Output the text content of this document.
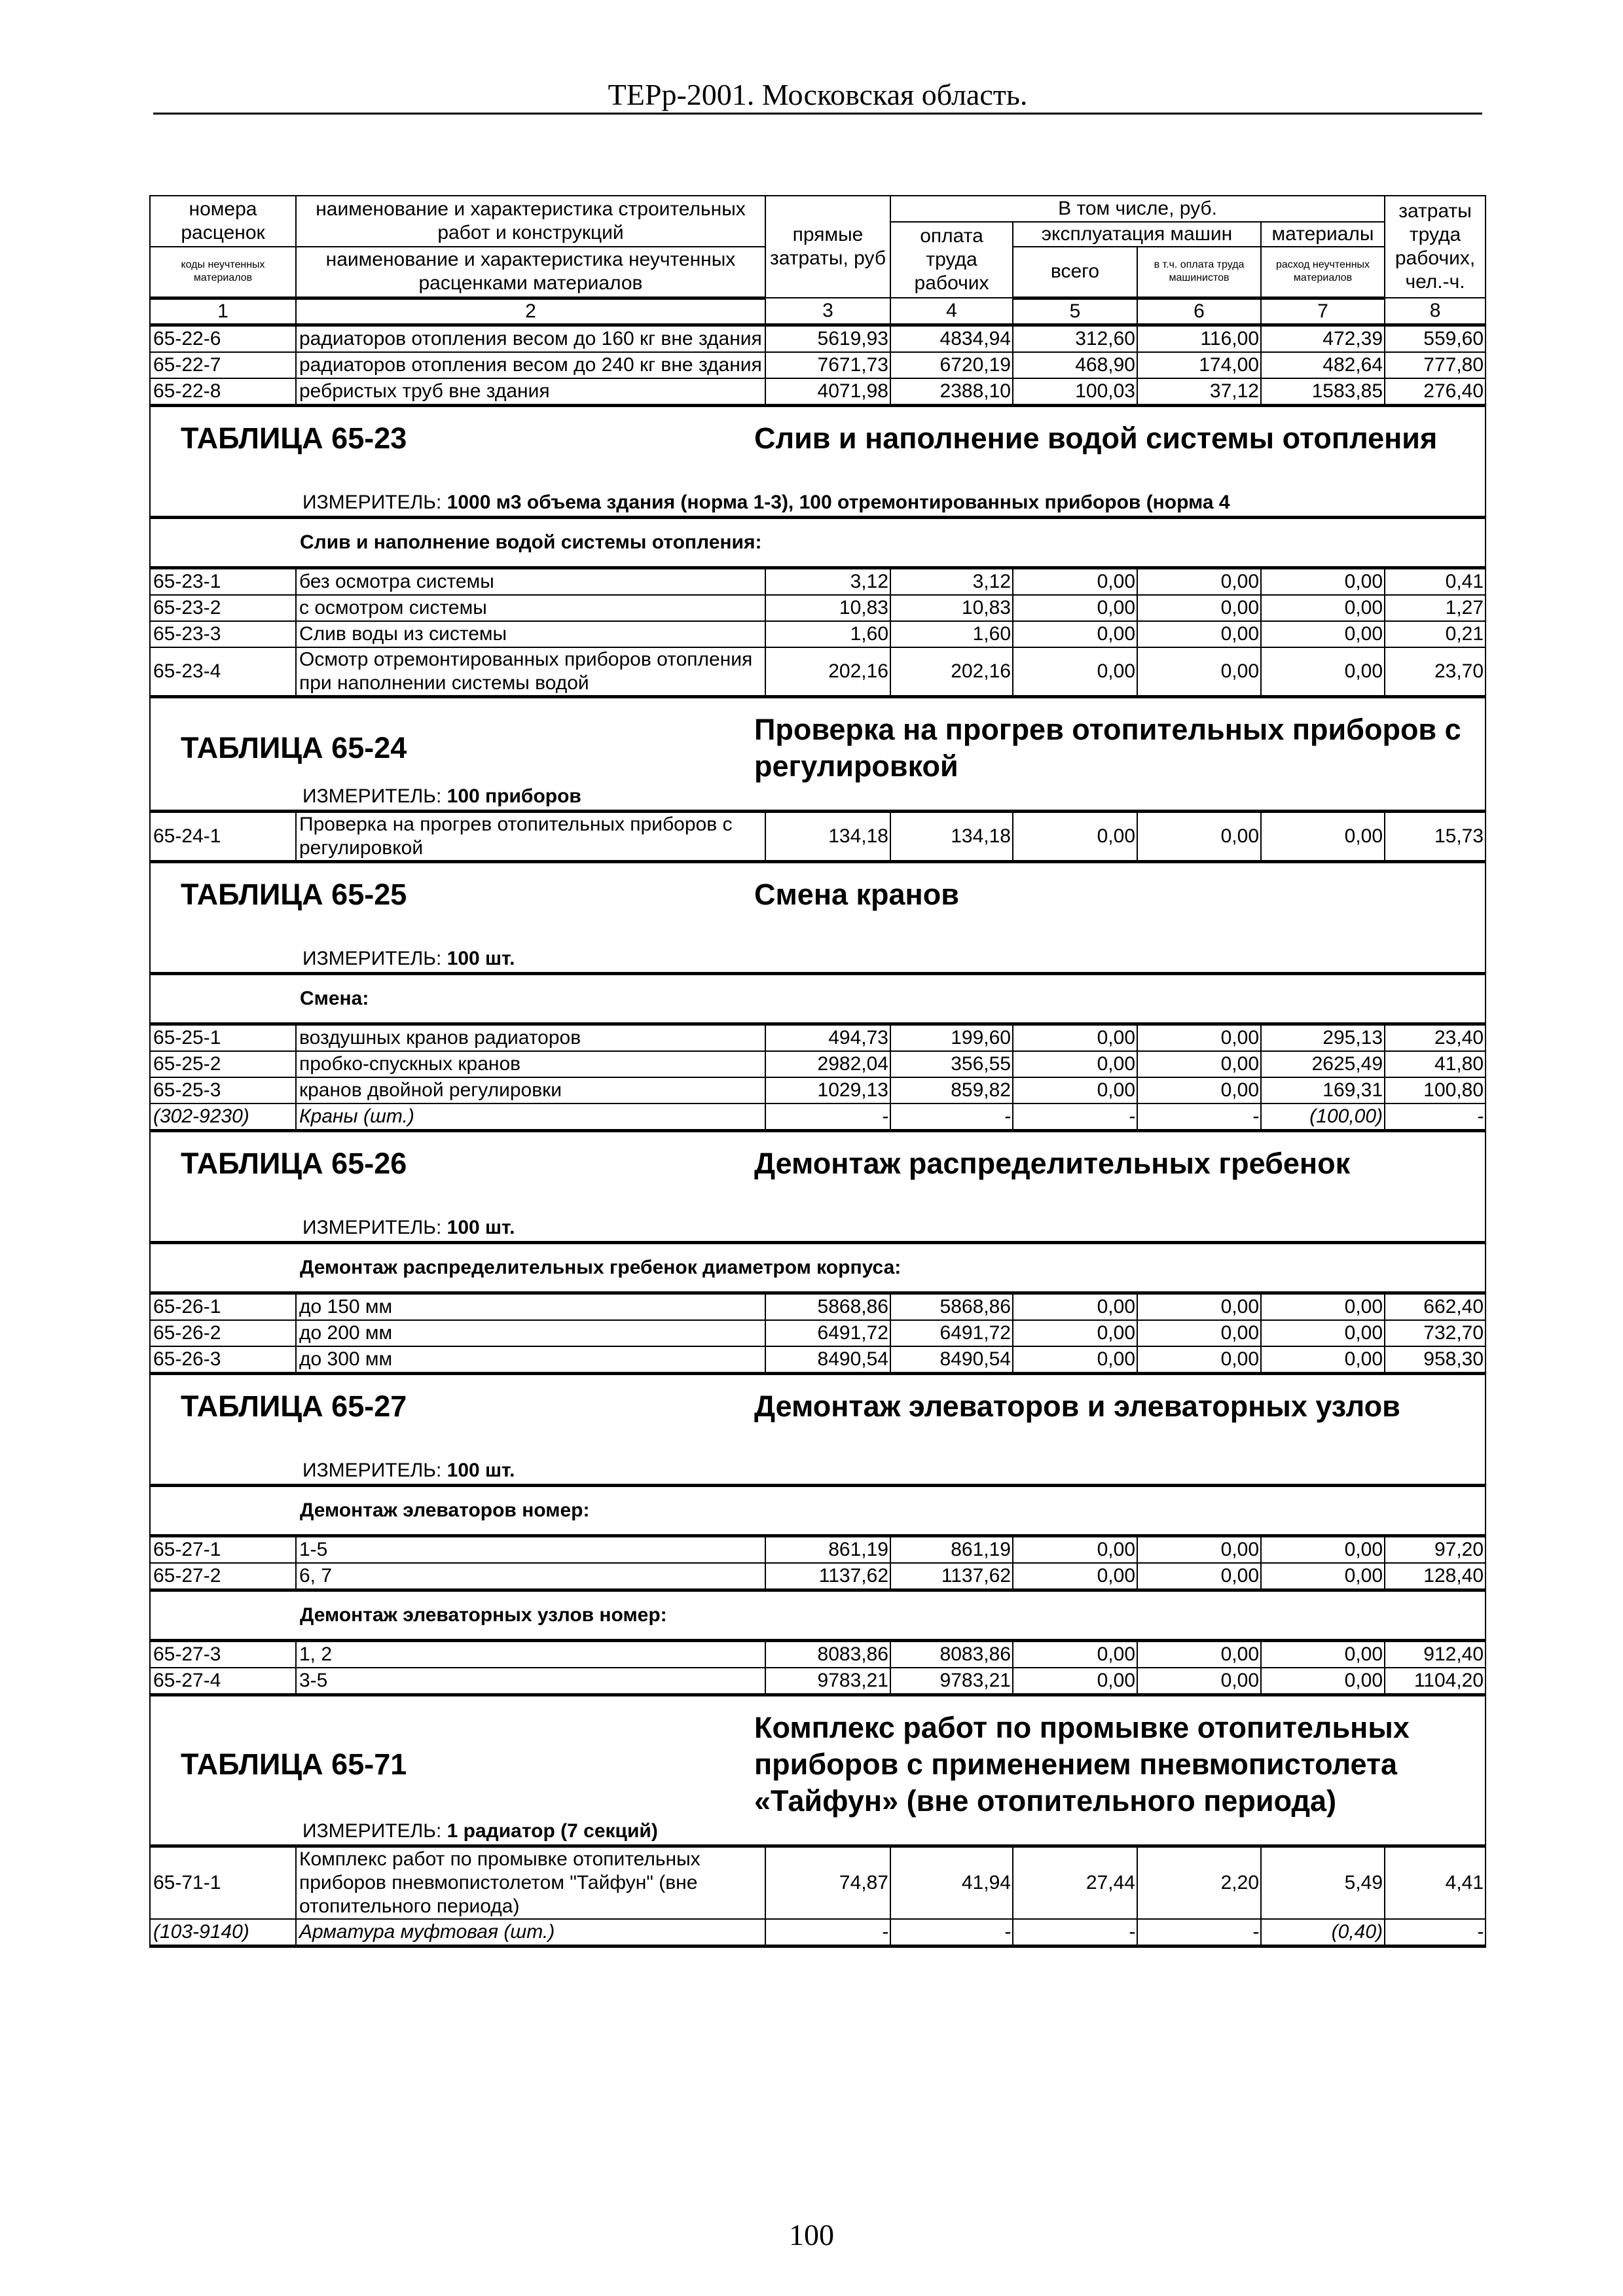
ТЕРр-2001. Московская область.
номера расценок	наименование и характеристика строительных работ и конструкций	прямые затраты, руб	В том числе, руб.				затраты труда рабочих, чел.-ч.
			оплата труда рабочих	эксплуатация машин		материалы	
коды неучтенных материалов	наименование и характеристика неучтенных расценками материалов			всего	в т.ч. оплата труда машинистов	расход неучтенных материалов	
1	2	3	4	5	6	7	8
65-22-6	радиаторов отопления весом до 160 кг вне здания	5619,93	4834,94	312,60	116,00	472,39	559,60
65-22-7	радиаторов отопления весом до 240 кг вне здания	7671,73	6720,19	468,90	174,00	482,64	777,80
65-22-8	ребристых труб вне здания	4071,98	2388,10	100,03	37,12	1583,85	276,40

ТАБЛИЦА 65-23 Слив и наполнение водой системы отопления
ИЗМЕРИТЕЛЬ: 1000 м3 объема здания (норма 1-3), 100 отремонтированных приборов (норма 4							

Слив и наполнение водой системы отопления:							
65-23-1	без осмотра системы	3,12	3,12	0,00	0,00	0,00	0,41
65-23-2	с осмотром системы	10,83	10,83	0,00	0,00	0,00	1,27
65-23-3	Слив воды из системы	1,60	1,60	0,00	0,00	0,00	0,21
65-23-4	Осмотр отремонтированных приборов отопления при наполнении системы водой	202,16	202,16	0,00	0,00	0,00	23,70

ТАБЛИЦА 65-24
Проверка на прогрев отопительных приборов с регулировкой
ИЗМЕРИТЕЛЬ: 100 приборов							

65-24-1	Проверка на прогрев отопительных приборов с регулировкой	134,18	134,18	0,00	0,00	0,00	15,73

ТАБЛИЦА 65-25 Смена кранов
ИЗМЕРИТЕЛЬ: 100 шт.							

Смена:							
65-25-1	воздушных кранов радиаторов	494,73	199,60	0,00	0,00	295,13	23,40
65-25-2	пробко-спускных кранов	2982,04	356,55	0,00	0,00	2625,49	41,80
65-25-3	кранов двойной регулировки	1029,13	859,82	0,00	0,00	169,31	100,80
(302-9230)	Краны (шт.)	-	-	-	-	(100,00)	-

ТАБЛИЦА 65-26 Демонтаж распределительных гребенок
ИЗМЕРИТЕЛЬ: 100 шт.							

Демонтаж распределительных гребенок диаметром корпуса:							
65-26-1	до 150 мм	5868,86	5868,86	0,00	0,00	0,00	662,40
65-26-2	до 200 мм	6491,72	6491,72	0,00	0,00	0,00	732,70
65-26-3	до 300 мм	8490,54	8490,54	0,00	0,00	0,00	958,30

ТАБЛИЦА 65-27 Демонтаж элеваторов и элеваторных узлов
ИЗМЕРИТЕЛЬ: 100 шт.							

Демонтаж элеваторов номер:							
65-27-1	1-5	861,19	861,19	0,00	0,00	0,00	97,20
65-27-2	6, 7	1137,62	1137,62	0,00	0,00	0,00	128,40
Демонтаж элеваторных узлов номер:							
65-27-3	1, 2	8083,86	8083,86	0,00	0,00	0,00	912,40
65-27-4	3-5	9783,21	9783,21	0,00	0,00	0,00	1104,20

ТАБЛИЦА 65-71
Комплекс работ по промывке отопительных приборов с применением пневмопистолета «Тайфун» (вне отопительного периода)
ИЗМЕРИТЕЛЬ: 1 радиатор (7 секций)							

65-71-1	Комплекс работ по промывке отопительных приборов пневмопистолетом "Тайфун" (вне отопительного периода)	74,87	41,94	27,44	2,20	5,49	4,41
(103-9140)	Арматура муфтовая (шт.)	-	-	-	-	(0,40)	-
100
